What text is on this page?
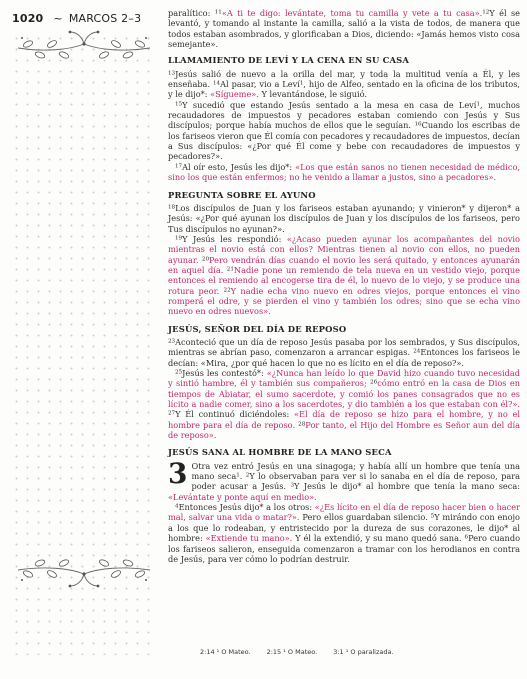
1020 ~ MARCOS 2–3	paralítico: $^{11}$«A ti te digo: levántate, toma tu camilla y vete a tu casa».$^{12}$Y él se levantó, y tomando al instante la camilla, salió a la vista de todos, de manera que todos estaban asombrados, y glorificaban a Dios, diciendo: «Jamás hemos visto cosa semejante».

LLAMAMIENTO DE LEVÍ Y LA CENA EN SU CASA

$^{13}$Jesús salió de nuevo a la orilla del mar, y toda la multitud venía a Él, y les enseñaba. $^{14}$Al pasar, vio a Leví$^1$, hijo de Alfeo, sentado en la oficina de los tributos, y le dijo*: «Sígueme». Y levantándose, le siguió.

$^{15}$Y sucedió que estando Jesús sentado a la mesa en casa de Leví$^1$, muchos recaudadores de impuestos y pecadores estaban comiendo con Jesús y Sus discípulos; porque había muchos de ellos que le seguían. $^{16}$Cuando los escribas de los fariseos vieron que Él comía con pecadores y recaudadores de impuestos, decían a Sus discípulos: «¿Por qué Él come y bebe con recaudadores de impuestos y pecadores?».

$^{17}$Al oír esto, Jesús les dijo*: «Los que están sanos no tienen necesidad de médico, sino los que están enfermos; no he venido a llamar a justos, sino a pecadores».

PREGUNTA SOBRE EL AYUNO

$^{18}$Los discípulos de Juan y los fariseos estaban ayunando; y vinieron* y dijeron* a Jesús: «¿Por qué ayunan los discípulos de Juan y los discípulos de los fariseos, pero Tus discípulos no ayunan?».

$^{19}$Y Jesús les respondió: «¿Acaso pueden ayunar los acompañantes del novio mientras el novio está con ellos? Mientras tienen al novio con ellos, no pueden ayunar. $^{20}$Pero vendrán días cuando el novio les será quitado, y entonces ayunarán en aquel día. $^{21}$Nadie pone un remiendo de tela nueva en un vestido viejo, porque entonces el remiendo al encogerse tira de él, lo nuevo de lo viejo, y se produce una rotura peor. $^{22}$Y nadie echa vino nuevo en odres viejos, porque entonces el vino romperá el odre, y se pierden el vino y también los odres; sino que se echa vino nuevo en odres nuevos».

JESÚS, SEÑOR DEL DÍA DE REPOSO

$^{23}$Aconteció que un día de reposo Jesús pasaba por los sembrados, y Sus discípulos, mientras se abrían paso, comenzaron a arrancar espigas. $^{24}$Entonces los fariseos le decían: «Mira, ¿por qué hacen lo que no es lícito en el día de reposo?».

$^{25}$Jesús les contestó*: «¿Nunca han leído lo que David hizo cuando tuvo necesidad y sintió hambre, él y también sus compañeros; $^{26}$cómo entró en la casa de Dios en tiempos de Abiatar, el sumo sacerdote, y comió los panes consagrados que no es lícito a nadie comer, sino a los sacerdotes, y dio también a los que estaban con él?». $^{27}$Y Él continuó diciéndoles: «El día de reposo se hizo para el hombre, y no el hombre para el día de reposo. $^{28}$Por tanto, el Hijo del Hombre es Señor aun del día de reposo».

JESÚS SANA AL HOMBRE DE LA MANO SECA

3 Otra vez entró Jesús en una sinagoga; y había allí un hombre que tenía una mano seca$^1$. $^2$Y lo observaban para ver si lo sanaba en el día de reposo, para poder acusar a Jesús. $^3$Y Jesús le dijo* al hombre que tenía la mano seca: «Levántate y ponte aquí en medio».

$^4$Entonces Jesús dijo* a los otros: «¿Es lícito en el día de reposo hacer bien o hacer mal, salvar una vida o matar?». Pero ellos guardaban silencio. $^5$Y mirándo con enojo a los que lo rodeaban, y entristecido por la dureza de sus corazones, le dijo* al hombre: «Extiende tu mano». Y él la extendió, y su mano quedó sana. $^6$Pero cuando los fariseos salieron, enseguida comenzaron a tramar con los herodianos en contra de Jesús, para ver cómo lo podrían destruir.

2:14 ¹ O Mateo. 2:15 ¹ O Mateo. 3:1 ¹ O paralizada.
